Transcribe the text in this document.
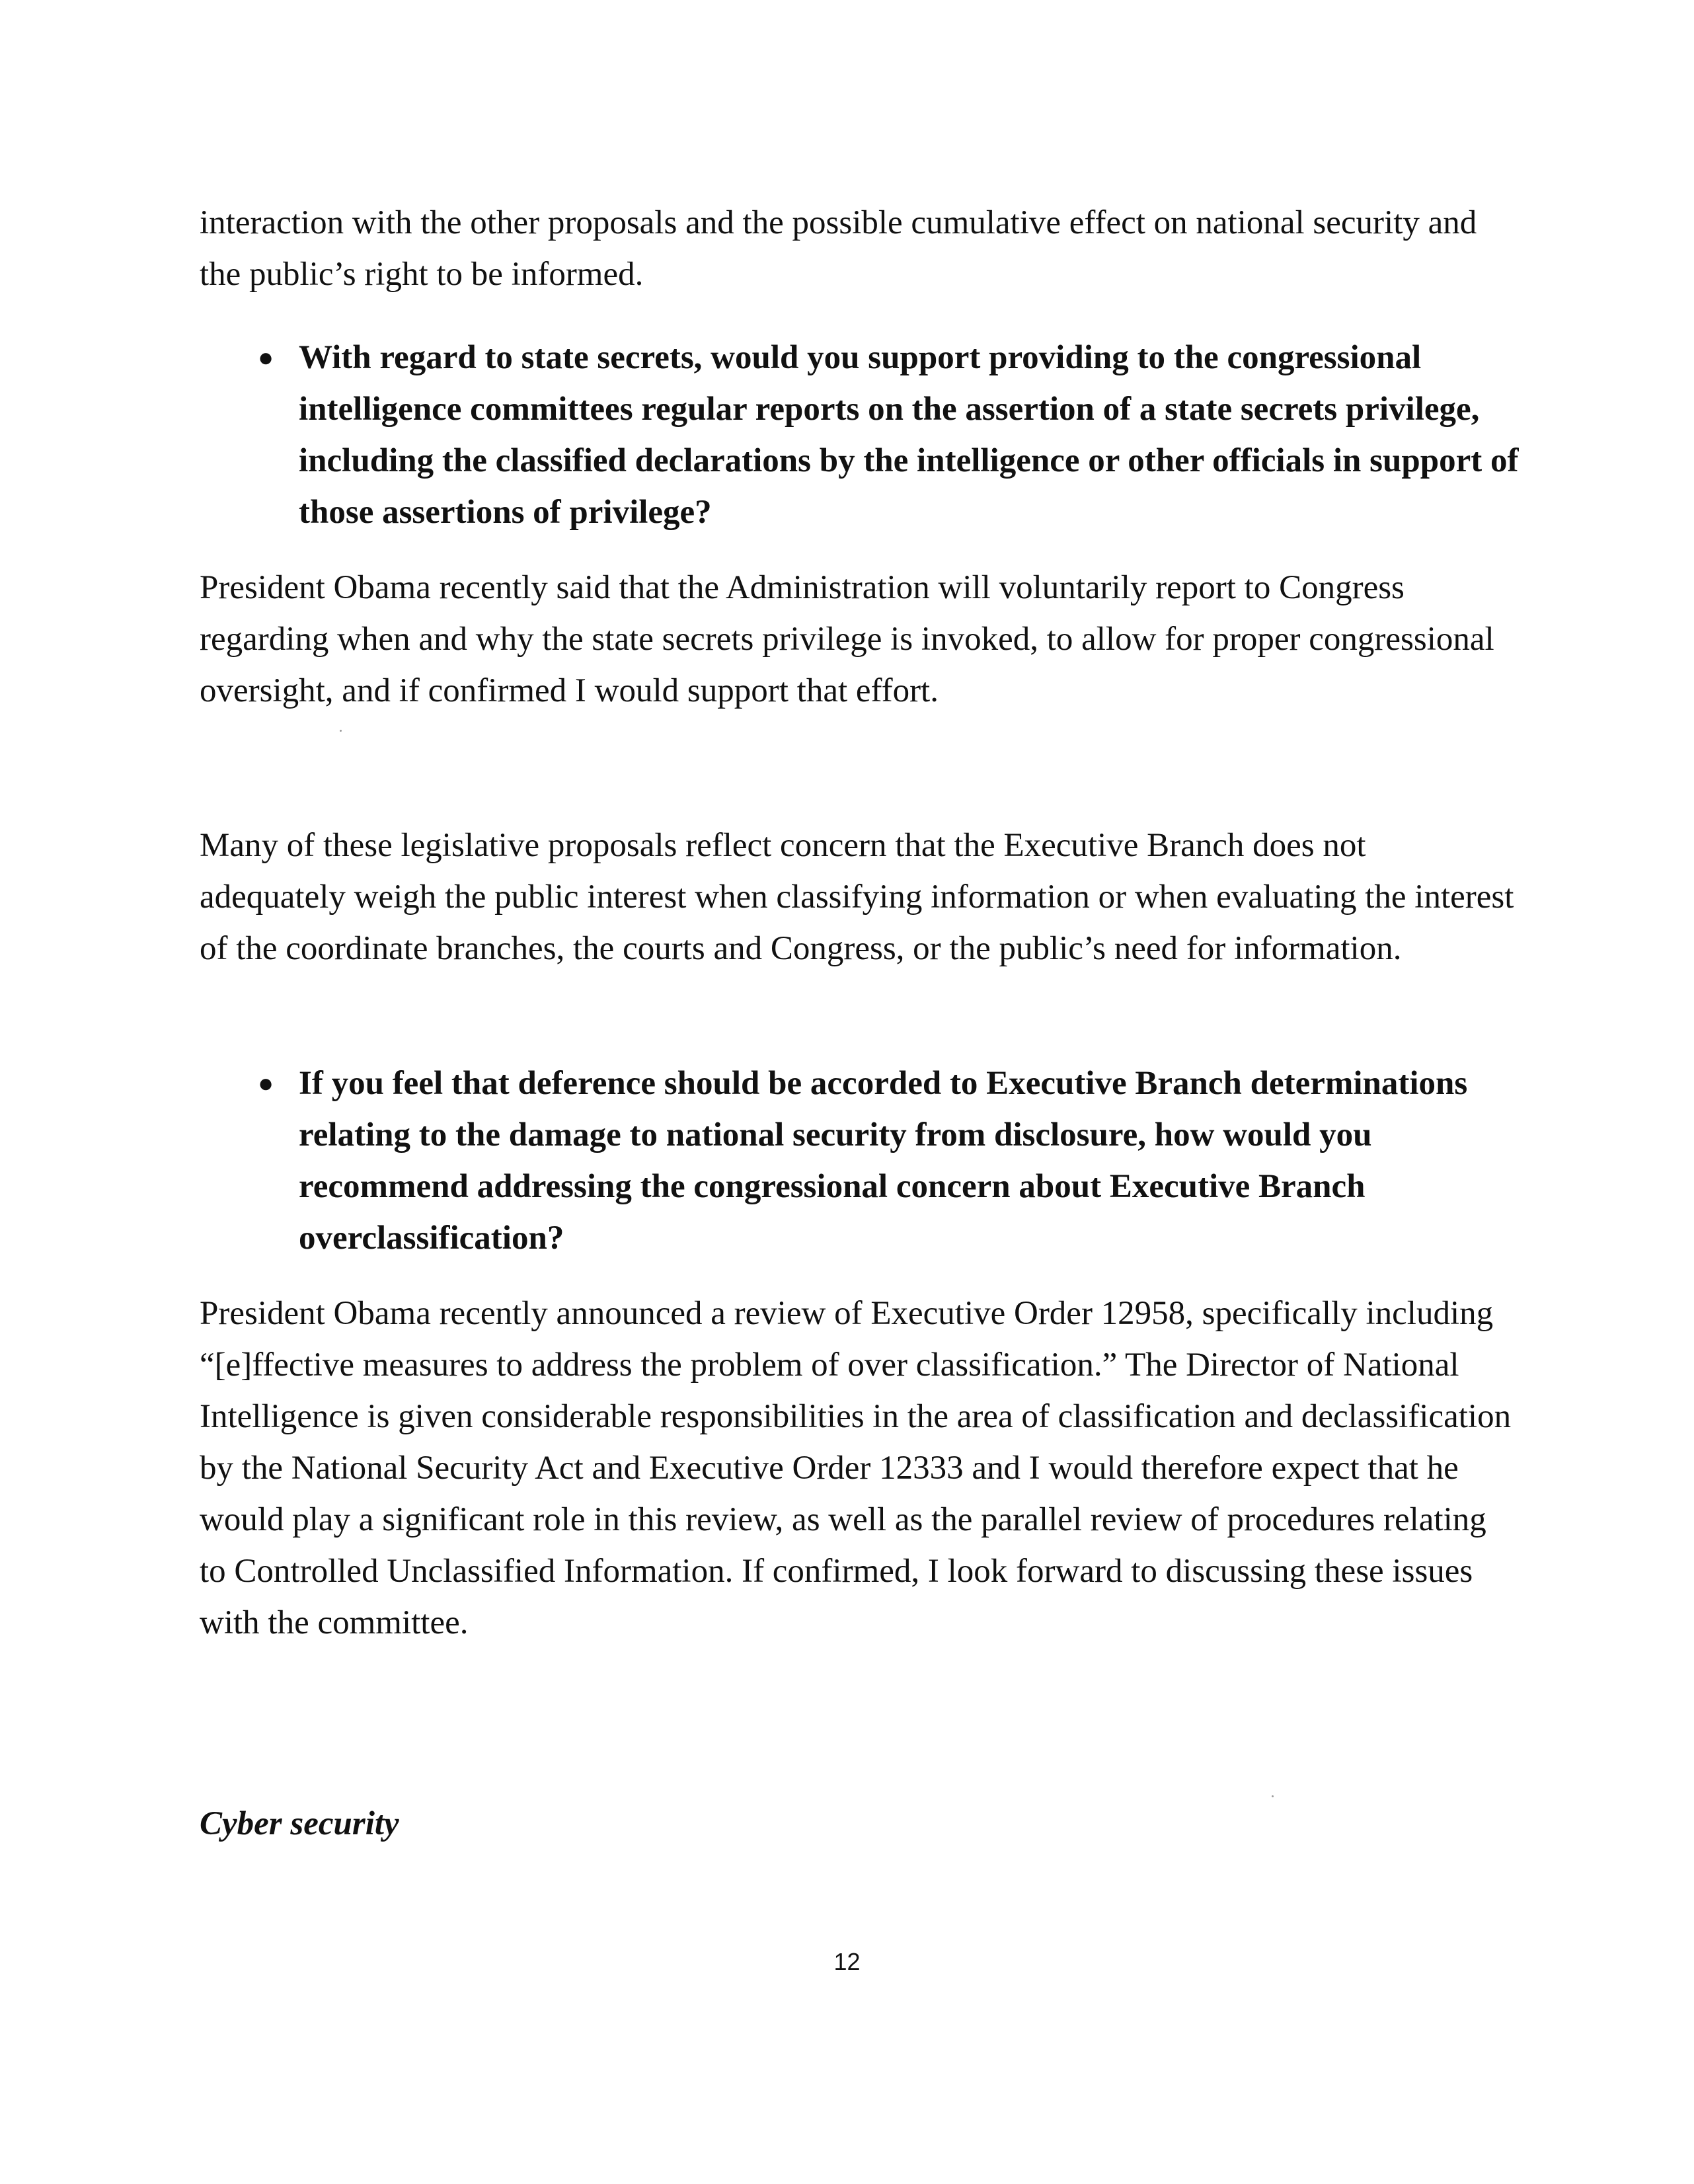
interaction with the other proposals and the possible cumulative effect on national security and the public’s right to be informed.

● With regard to state secrets, would you support providing to the congressional intelligence committees regular reports on the assertion of a state secrets privilege, including the classified declarations by the intelligence or other officials in support of those assertions of privilege?

President Obama recently said that the Administration will voluntarily report to Congress regarding when and why the state secrets privilege is invoked, to allow for proper congressional oversight, and if confirmed I would support that effort.

Many of these legislative proposals reflect concern that the Executive Branch does not adequately weigh the public interest when classifying information or when evaluating the interest of the coordinate branches, the courts and Congress, or the public’s need for information.

● If you feel that deference should be accorded to Executive Branch determinations relating to the damage to national security from disclosure, how would you recommend addressing the congressional concern about Executive Branch overclassification?

President Obama recently announced a review of Executive Order 12958, specifically including “[e]ffective measures to address the problem of over classification.” The Director of National Intelligence is given considerable responsibilities in the area of classification and declassification by the National Security Act and Executive Order 12333 and I would therefore expect that he would play a significant role in this review, as well as the parallel review of procedures relating to Controlled Unclassified Information. If confirmed, I look forward to discussing these issues with the committee.

Cyber security
12
